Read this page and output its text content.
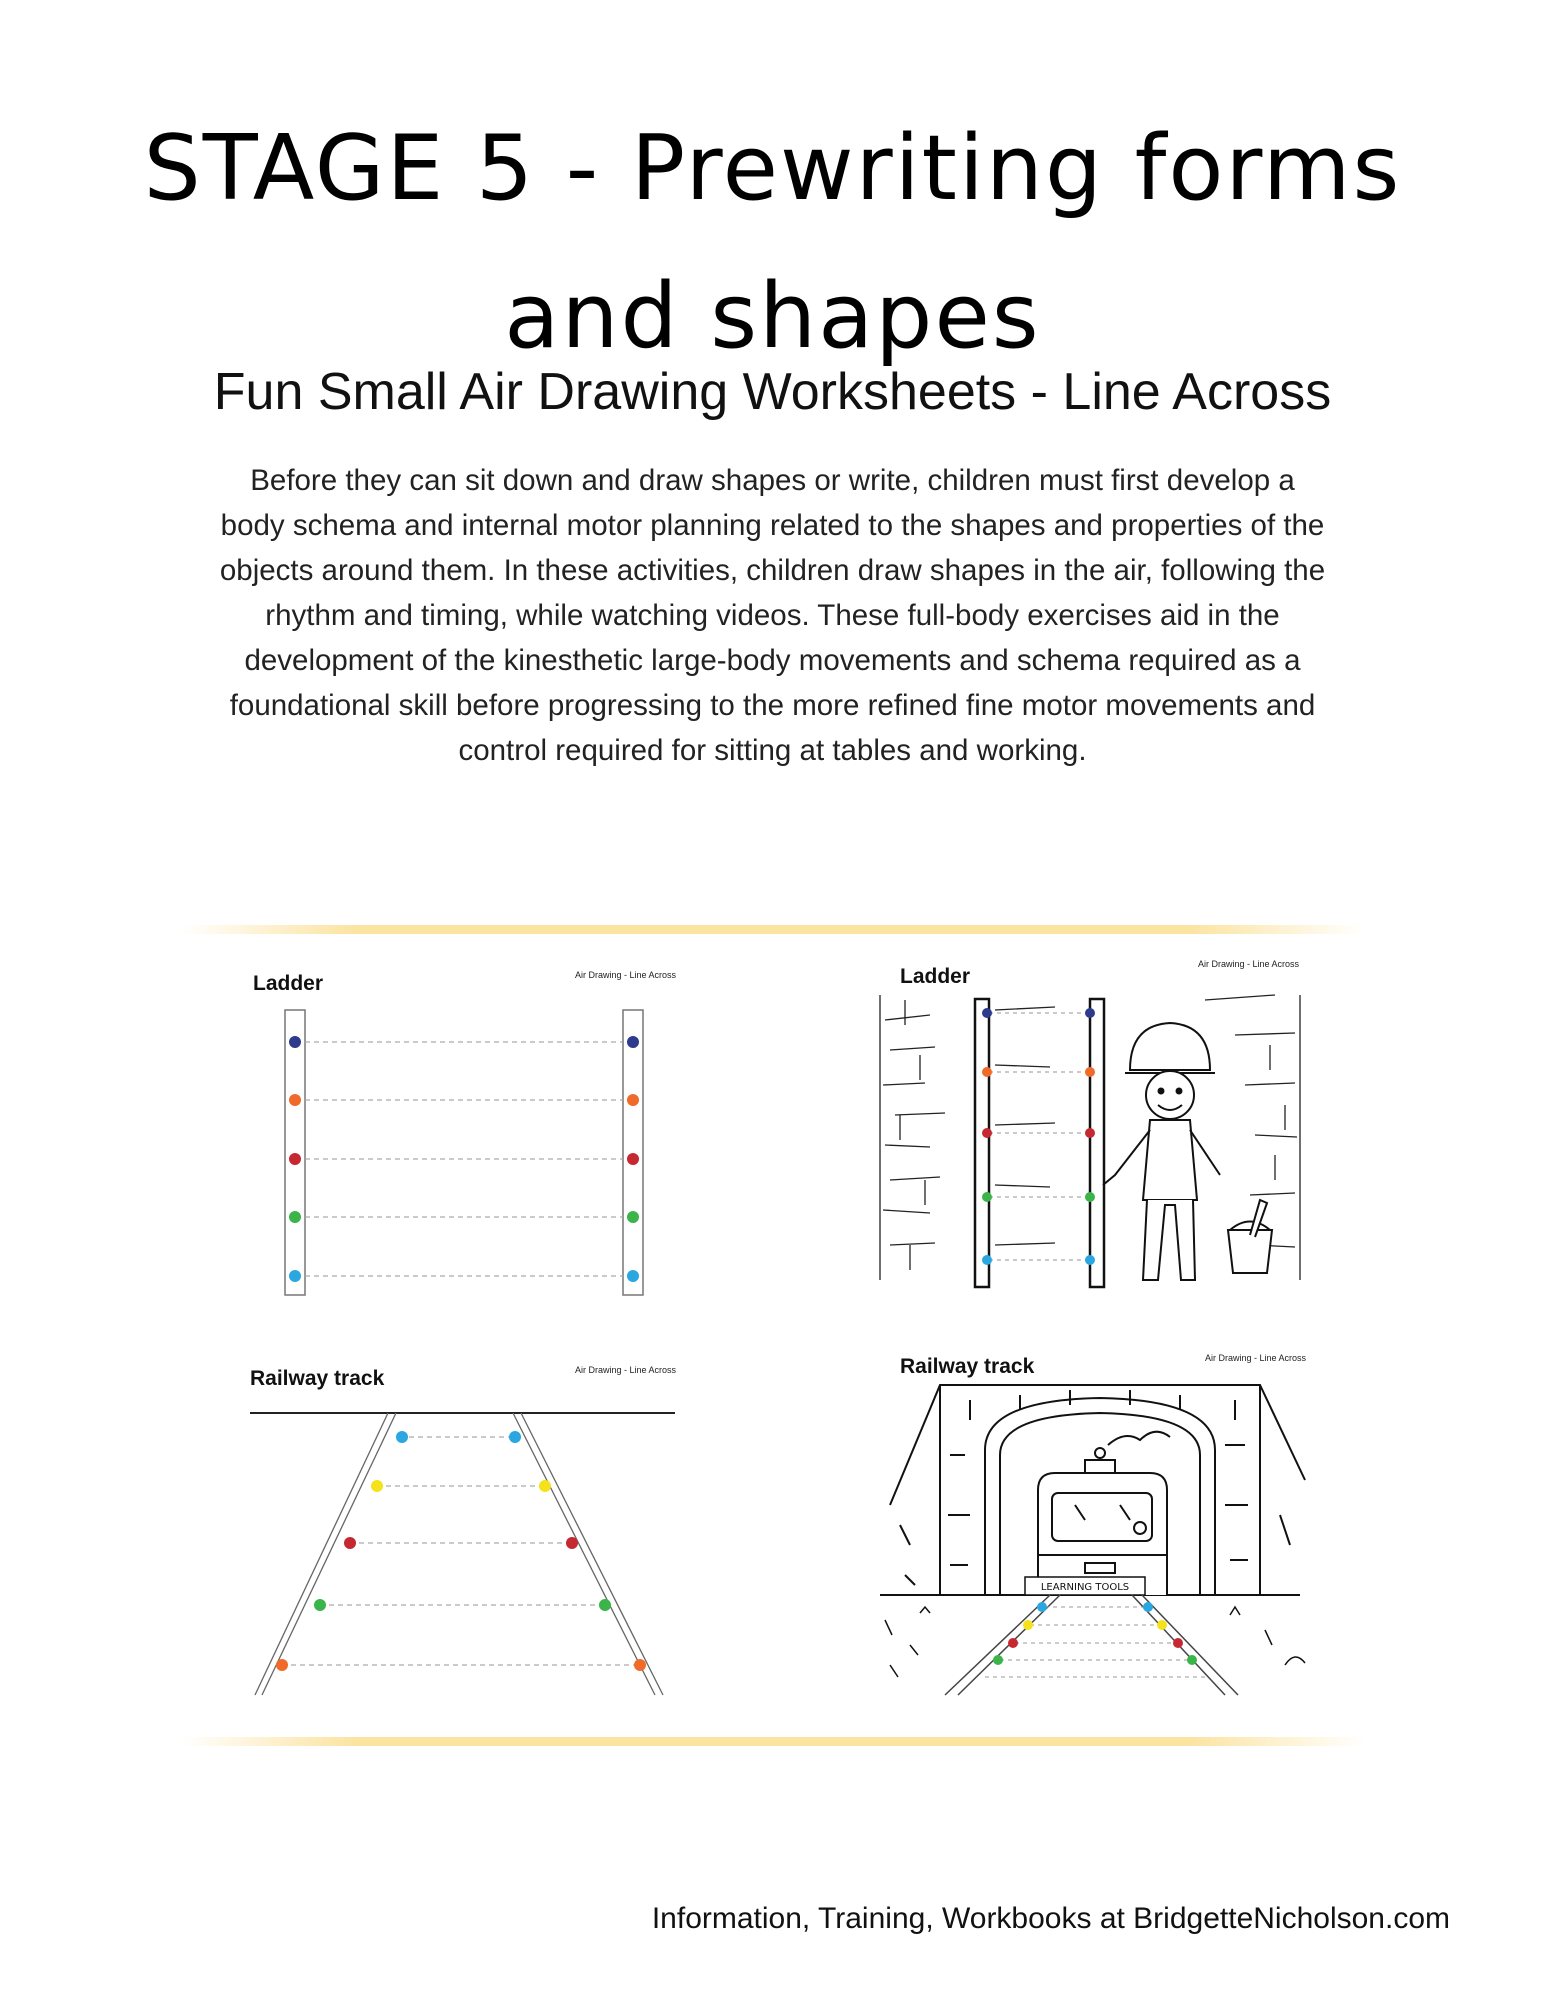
STAGE 5 - Prewriting forms
and shapes
Fun Small Air Drawing Worksheets - Line Across
Before they can sit down and draw shapes or write, children must first develop a
body schema and internal motor planning related to the shapes and properties of the
objects around them. In these activities, children draw shapes in the air, following the
rhythm and timing, while watching videos. These full-body exercises aid in the
development of the kinesthetic large-body movements and schema required as a
foundational skill before progressing to the more refined fine motor movements and
control required for sitting at tables and working.
Ladder	Air Drawing - Line Across	Ladder
Air Drawing - Line Across
Railway track	Air Drawing - Line Across	Railway track	Air Drawing - Line Across
LEARNING TOOLS
Information, Training, Workbooks at BridgetteNicholson.com
